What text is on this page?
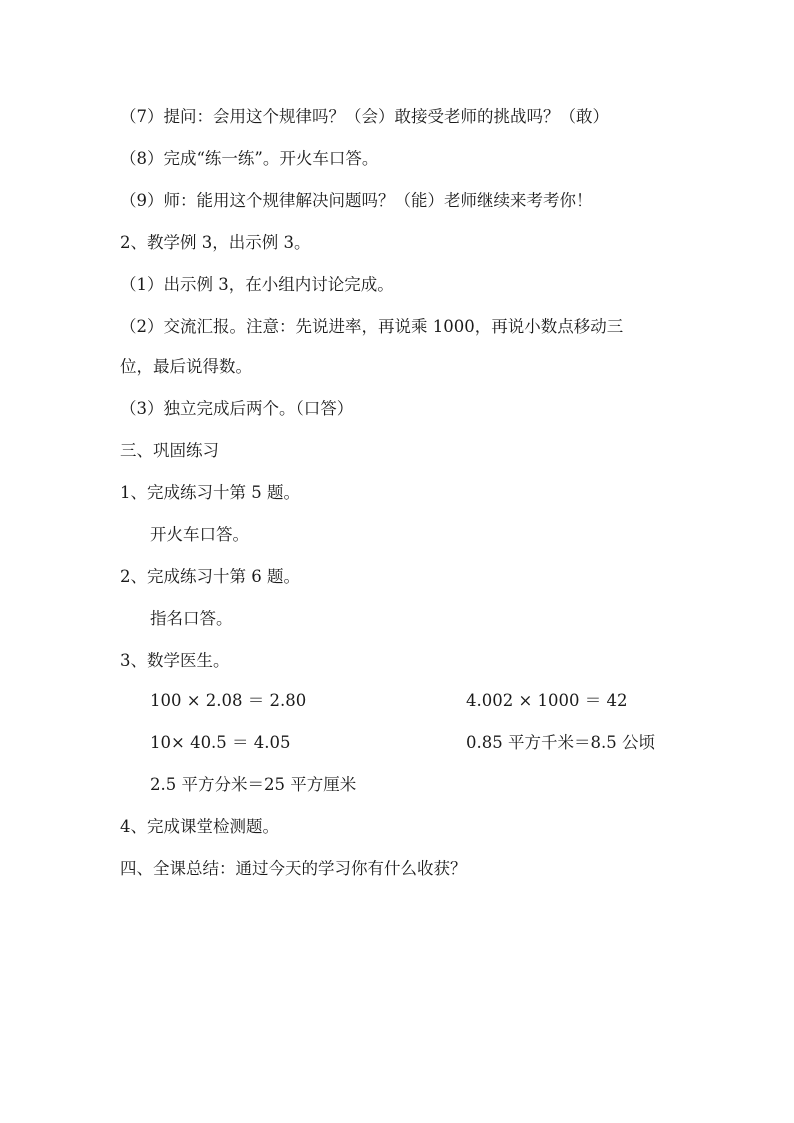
（7）提问：会用这个规律吗？（会）敢接受老师的挑战吗？（敢）
（8）完成“练一练”。开火车口答。
（9）师：能用这个规律解决问题吗？（能）老师继续来考考你！
2、教学例 3，出示例 3。
（1）出示例 3，在小组内讨论完成。
（2）交流汇报。注意：先说进率，再说乘 1000，再说小数点移动三
位，最后说得数。
（3）独立完成后两个。（口答）
三、巩固练习
1、完成练习十第 5 题。
开火车口答。
2、完成练习十第 6 题。
指名口答。
3、数学医生。
100 × 2.08 ＝ 2.80	4.002 × 1000 ＝ 42
10× 40.5 ＝ 4.05	0.85 平方千米＝8.5 公顷
2.5 平方分米＝25 平方厘米
4、完成课堂检测题。
四、全课总结：通过今天的学习你有什么收获？
